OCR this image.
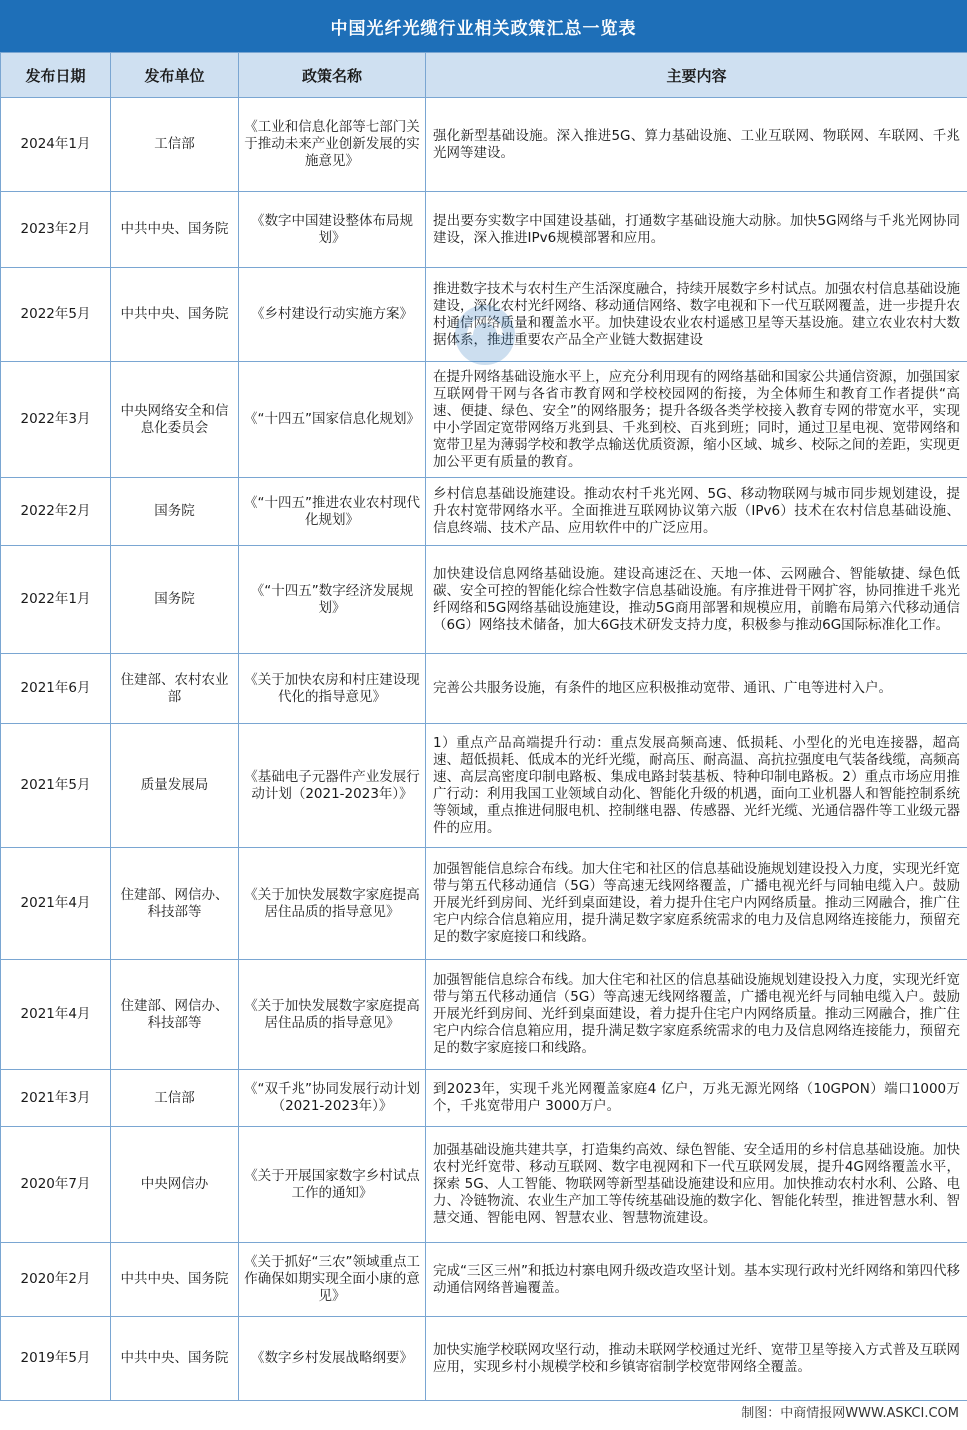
中国光纤光缆行业相关政策汇总一览表
发布日期	发布单位	政策名称	主要内容
2024年1月	工信部	《工业和信息化部等七部门关于推动未来产业创新发展的实施意见》	强化新型基础设施。深入推进5G、算力基础设施、工业互联网、物联网、车联网、千兆光网等建设。
2023年2月	中共中央、国务院	《数字中国建设整体布局规划》	提出要夯实数字中国建设基础，打通数字基础设施大动脉。加快5G网络与千兆光网协同建设，深入推进IPv6规模部署和应用。
2022年5月	中共中央、国务院	《乡村建设行动实施方案》	推进数字技术与农村生产生活深度融合，持续开展数字乡村试点。加强农村信息基础设施建设，深化农村光纤网络、移动通信网络、数字电视和下一代互联网覆盖，进一步提升农村通信网络质量和覆盖水平。加快建设农业农村遥感卫星等天基设施。建立农业农村大数据体系，推进重要农产品全产业链大数据建设
2022年3月	中央网络安全和信息化委员会	《“十四五”国家信息化规划》	在提升网络基础设施水平上，应充分利用现有的网络基础和国家公共通信资源，加强国家互联网骨干网与各省市教育网和学校校园网的衔接，为全体师生和教育工作者提供“高速、便捷、绿色、安全”的网络服务；提升各级各类学校接入教育专网的带宽水平，实现中小学固定宽带网络万兆到县、千兆到校、百兆到班；同时，通过卫星电视、宽带网络和宽带卫星为薄弱学校和教学点输送优质资源，缩小区域、城乡、校际之间的差距，实现更加公平更有质量的教育。
2022年2月	国务院	《“十四五”推进农业农村现代化规划》	乡村信息基础设施建设。推动农村千兆光网、5G、移动物联网与城市同步规划建设，提升农村宽带网络水平。全面推进互联网协议第六版（IPv6）技术在农村信息基础设施、信息终端、技术产品、应用软件中的广泛应用。
2022年1月	国务院	《“十四五”数字经济发展规划》	加快建设信息网络基础设施。建设高速泛在、天地一体、云网融合、智能敏捷、绿色低碳、安全可控的智能化综合性数字信息基础设施。有序推进骨干网扩容，协同推进千兆光纤网络和5G网络基础设施建设，推动5G商用部署和规模应用，前瞻布局第六代移动通信（6G）网络技术储备，加大6G技术研发支持力度，积极参与推动6G国际标准化工作。
2021年6月	住建部、农村农业部	《关于加快农房和村庄建设现代化的指导意见》	完善公共服务设施，有条件的地区应积极推动宽带、通讯、广电等进村入户。
2021年5月	质量发展局	《基础电子元器件产业发展行动计划（2021-2023年）》	1）重点产品高端提升行动：重点发展高频高速、低损耗、小型化的光电连接器，超高速、超低损耗、低成本的光纤光缆，耐高压、耐高温、高抗拉强度电气装备线缆，高频高速、高层高密度印制电路板、集成电路封装基板、特种印制电路板。2）重点市场应用推广行动：利用我国工业领域自动化、智能化升级的机遇，面向工业机器人和智能控制系统等领域，重点推进伺服电机、控制继电器、传感器、光纤光缆、光通信器件等工业级元器件的应用。
2021年4月	住建部、网信办、科技部等	《关于加快发展数字家庭提高居住品质的指导意见》	加强智能信息综合布线。加大住宅和社区的信息基础设施规划建设投入力度，实现光纤宽带与第五代移动通信（5G）等高速无线网络覆盖，广播电视光纤与同轴电缆入户。鼓励开展光纤到房间、光纤到桌面建设，着力提升住宅户内网络质量。推动三网融合，推广住宅户内综合信息箱应用，提升满足数字家庭系统需求的电力及信息网络连接能力，预留充足的数字家庭接口和线路。
2021年4月	住建部、网信办、科技部等	《关于加快发展数字家庭提高居住品质的指导意见》	加强智能信息综合布线。加大住宅和社区的信息基础设施规划建设投入力度，实现光纤宽带与第五代移动通信（5G）等高速无线网络覆盖，广播电视光纤与同轴电缆入户。鼓励开展光纤到房间、光纤到桌面建设，着力提升住宅户内网络质量。推动三网融合，推广住宅户内综合信息箱应用，提升满足数字家庭系统需求的电力及信息网络连接能力，预留充足的数字家庭接口和线路。
2021年3月	工信部	《“双千兆”协同发展行动计划（2021-2023年）》	到2023年，实现千兆光网覆盖家庭4 亿户，万兆无源光网络（10GPON）端口1000万个，千兆宽带用户 3000万户。
2020年7月	中央网信办	《关于开展国家数字乡村试点工作的通知》	加强基础设施共建共享，打造集约高效、绿色智能、安全适用的乡村信息基础设施。加快农村光纤宽带、移动互联网、数字电视网和下一代互联网发展，提升4G网络覆盖水平，探索 5G、人工智能、物联网等新型基础设施建设和应用。加快推动农村水利、公路、电力、冷链物流、农业生产加工等传统基础设施的数字化、智能化转型，推进智慧水利、智慧交通、智能电网、智慧农业、智慧物流建设。
2020年2月	中共中央、国务院	《关于抓好“三农”领域重点工作确保如期实现全面小康的意见》	完成“三区三州”和抵边村寨电网升级改造攻坚计划。基本实现行政村光纤网络和第四代移动通信网络普遍覆盖。
2019年5月	中共中央、国务院	《数字乡村发展战略纲要》	加快实施学校联网攻坚行动，推动未联网学校通过光纤、宽带卫星等接入方式普及互联网应用，实现乡村小规模学校和乡镇寄宿制学校宽带网络全覆盖。
制图：中商情报网WWW.ASKCI.COM
